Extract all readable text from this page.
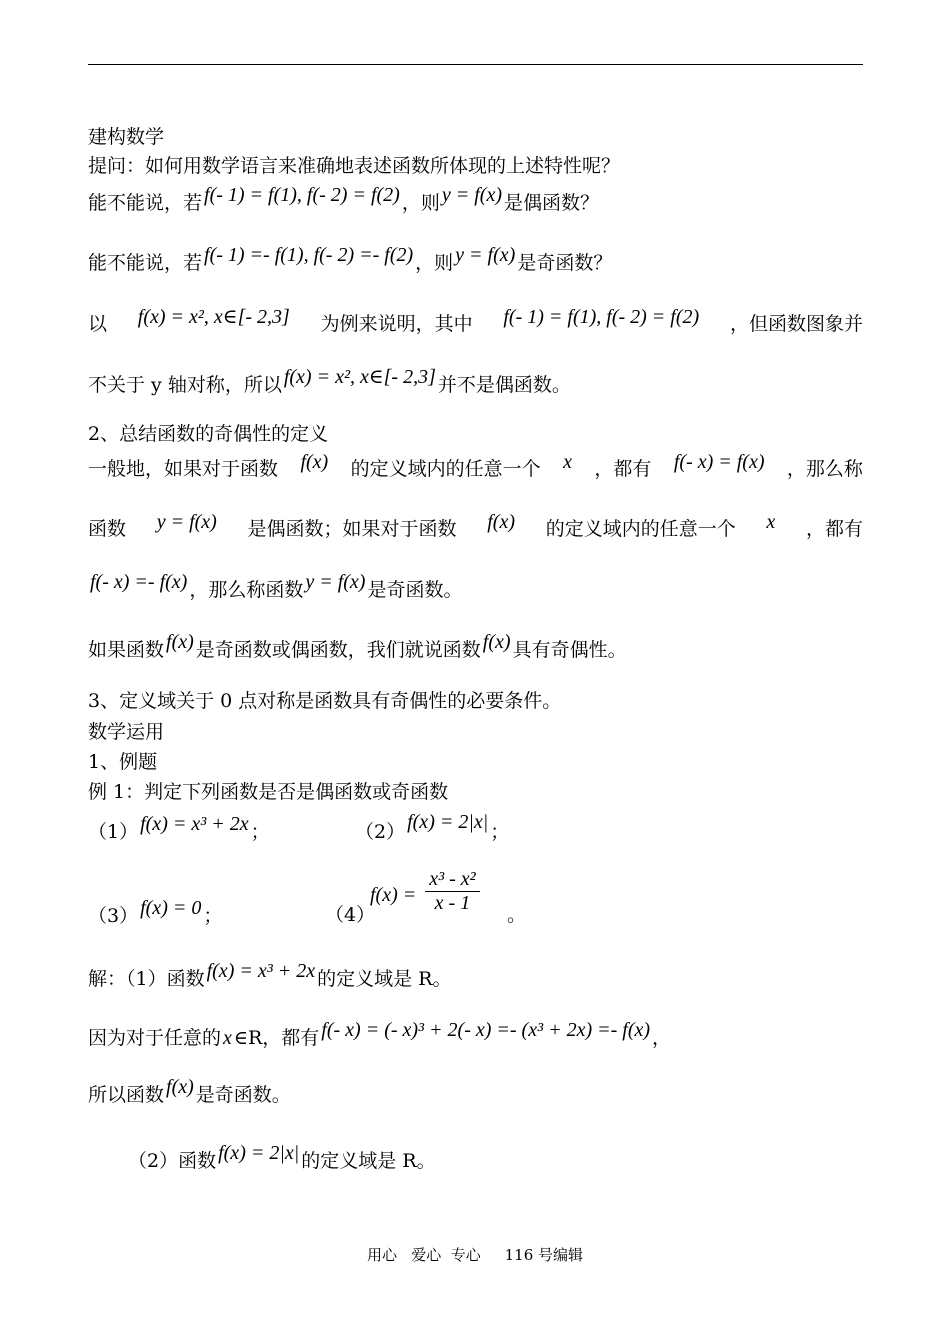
建构数学
提问：如何用数学语言来准确地表述函数所体现的上述特性呢？
能不能说，若 f(- 1) = f(1), f(- 2) = f(2) ，则 y = f(x) 是偶函数？
能不能说，若 f(- 1) =- f(1), f(- 2) =- f(2) ，则 y = f(x) 是奇函数？
以 f(x) = x², x∈[- 2,3] 为例来说明，其中 f(- 1) = f(1), f(- 2) = f(2) ，但函数图象并
不关于 y 轴对称，所以 f(x) = x², x∈[- 2,3] 并不是偶函数。
2、总结函数的奇偶性的定义
一般地，如果对于函数 f(x) 的定义域内的任意一个 x ，都有 f(- x) = f(x) ，那么称
函数 y = f(x) 是偶函数；如果对于函数 f(x) 的定义域内的任意一个 x ，都有
f(- x) =- f(x) ，那么称函数 y = f(x) 是奇函数。
如果函数 f(x) 是奇函数或偶函数，我们就说函数 f(x) 具有奇偶性。
3、定义域关于 0 点对称是函数具有奇偶性的必要条件。
数学运用
1、例题
例 1：判定下列函数是否是偶函数或奇函数
（1） f(x) = x³ + 2x ；	（2） f(x) = 2|x| ；
（3） f(x) = 0 ；	（4）
$f(x) = \frac{\text{x³ - x²}}{x - 1}$ 。
解：（1）函数 f(x) = x³ + 2x 的定义域是 R。
因为对于任意的 x ∈R，都有 f(- x) = (- x)³ + 2(- x) =- (x³ + 2x) =- f(x) ，
所以函数 f(x) 是奇函数。
（2）函数 f(x) = 2|x| 的定义域是 R。
用心   爱心  专心     116 号编辑
